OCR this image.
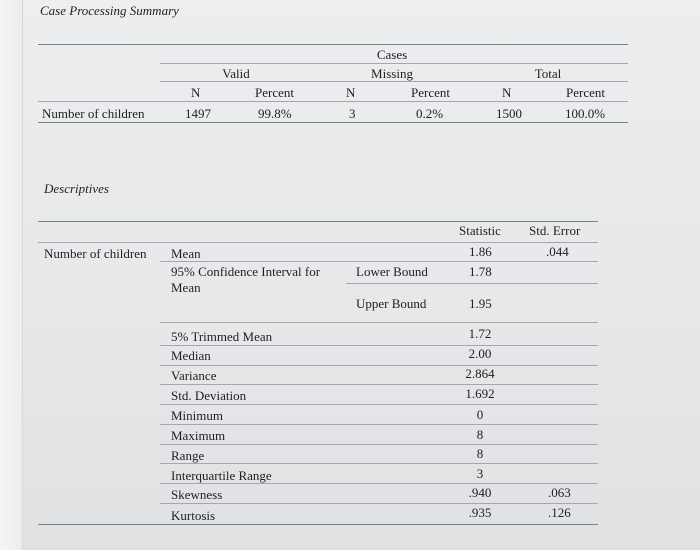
Case Processing Summary
Cases
Valid	Missing	Total
N	Percent	N	Percent	N	Percent
Number of children	1497	99.8%	3	0.2%	1500	100.0%
Descriptives
Statistic Std. Error
Number of children Mean	1.86	.044
95% Confidence Interval for
Mean
Lower Bound	1.78
Upper Bound	1.95
5% Trimmed Mean	1.72
Median	2.00
Variance	2.864
Std. Deviation	1.692
Minimum	0
Maximum	8
Range	8
Interquartile Range	3
Skewness	.940	.063
Kurtosis	.935	.126
